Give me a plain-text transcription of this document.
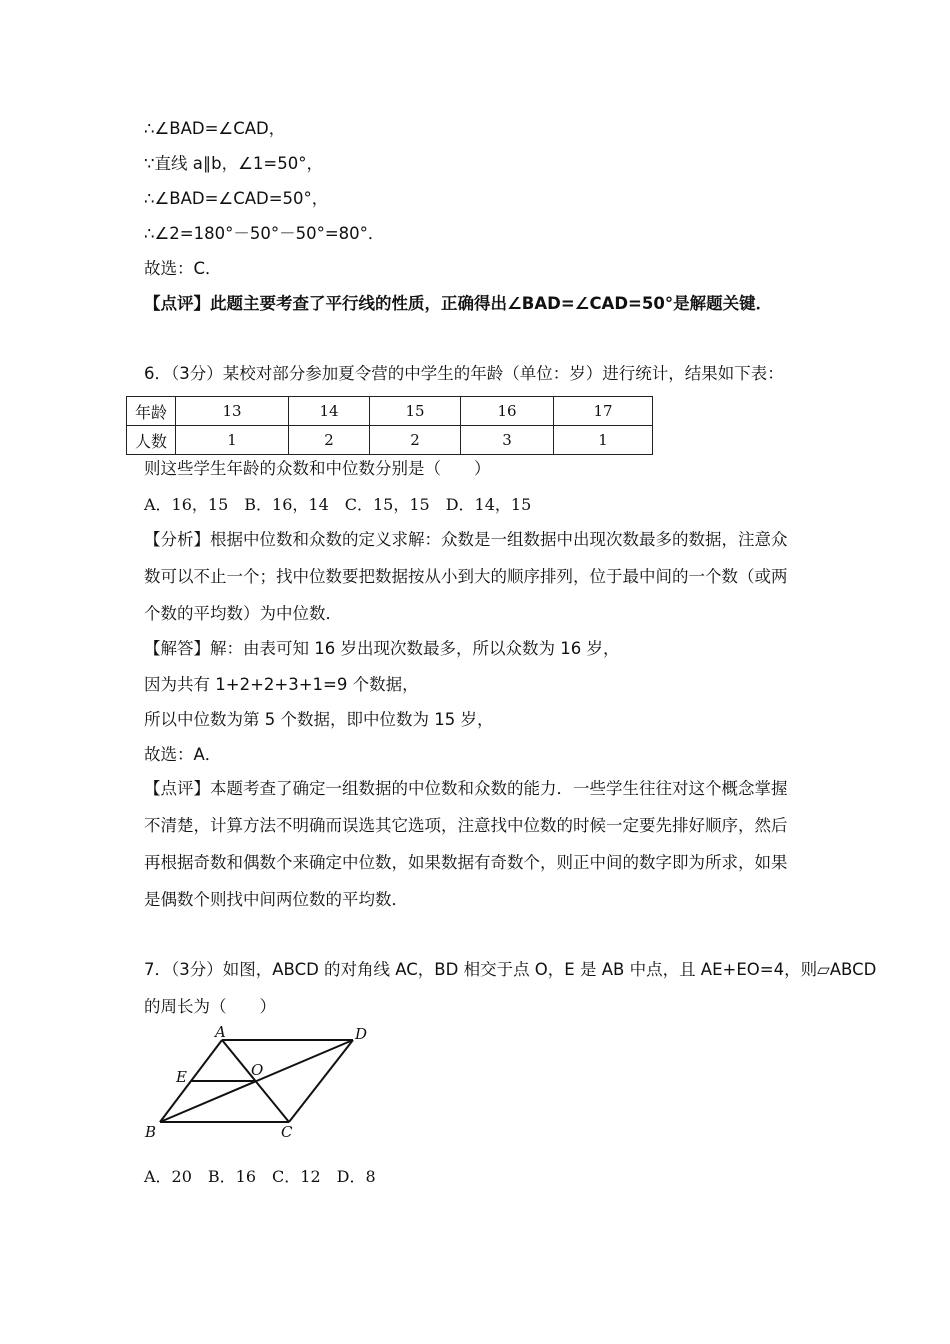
∴∠BAD=∠CAD，
∵直线 a∥b，∠1=50°，
∴∠BAD=∠CAD=50°，
∴∠2=180°－50°－50°=80°．
故选：C．
【点评】此题主要考查了平行线的性质，正确得出∠BAD=∠CAD=50°是解题关键．
6．（3分）某校对部分参加夏令营的中学生的年龄（单位：岁）进行统计，结果如下表：
年龄	13	14	15	16	17
人数	1	2	2	3	1
则这些学生年龄的众数和中位数分别是（　　）
A．16，15　B．16，14　C．15，15　D．14，15
【分析】根据中位数和众数的定义求解：众数是一组数据中出现次数最多的数据，注意众
数可以不止一个；找中位数要把数据按从小到大的顺序排列，位于最中间的一个数（或两
个数的平均数）为中位数．
【解答】解：由表可知 16 岁出现次数最多，所以众数为 16 岁，
因为共有 1+2+2+3+1=9 个数据，
所以中位数为第 5 个数据，即中位数为 15 岁，
故选：A．
【点评】本题考查了确定一组数据的中位数和众数的能力．一些学生往往对这个概念掌握
不清楚，计算方法不明确而误选其它选项，注意找中位数的时候一定要先排好顺序，然后
再根据奇数和偶数个来确定中位数，如果数据有奇数个，则正中间的数字即为所求，如果
是偶数个则找中间两位数的平均数．
7．（3分）如图，ABCD 的对角线 AC，BD 相交于点 O，E 是 AB 中点，且 AE+EO=4，则▱ABCD
的周长为（　　）
A	D
E	O
B	C
A．20　B．16　C．12　D．8
